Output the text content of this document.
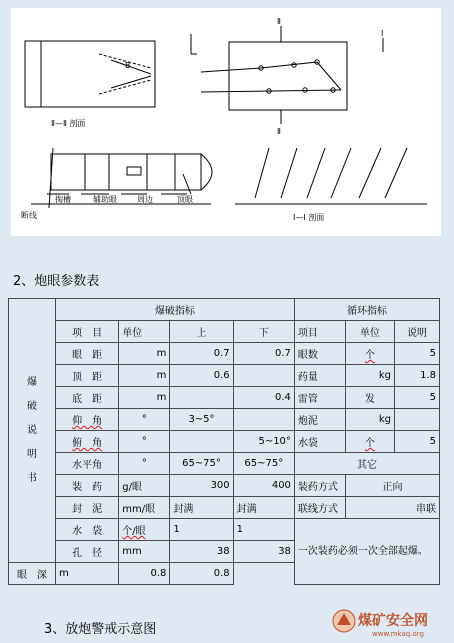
Ⅱ—Ⅱ 剖面
Ⅱ
Ⅱ
Ⅰ
断线
掏槽	辅助眼	周边	顶眼
Ⅰ—Ⅰ 剖面
B
2、炮眼参数表
爆
破
说
明
书	爆破指标				循环指标		
	项　目	单位	上	下	项目	单位	说明
	眼　距	m	0.7	0.7	眼数	个	5
	顶　距	m	0.6		药量	kg	1.8
	底　距	m		0.4	雷管	发	5
	仰　角	°	3~5°		炮泥	kg	
	俯　角	°		5~10°	水袋	个	5
	水平角	°	65~75°	65~75°	其它		
	装　药	g/眼	300	400	装药方式	正向	
	封　泥	mm/眼	封满	封满	联线方式	串联	
	水　袋	个/眼	1	1	一次装药必须一次全部起爆。		
	孔　径	mm	38	38			
眼　深	m	0.8	0.8				
3、放炮警戒示意图
煤矿安全网
www.mkaq.org
